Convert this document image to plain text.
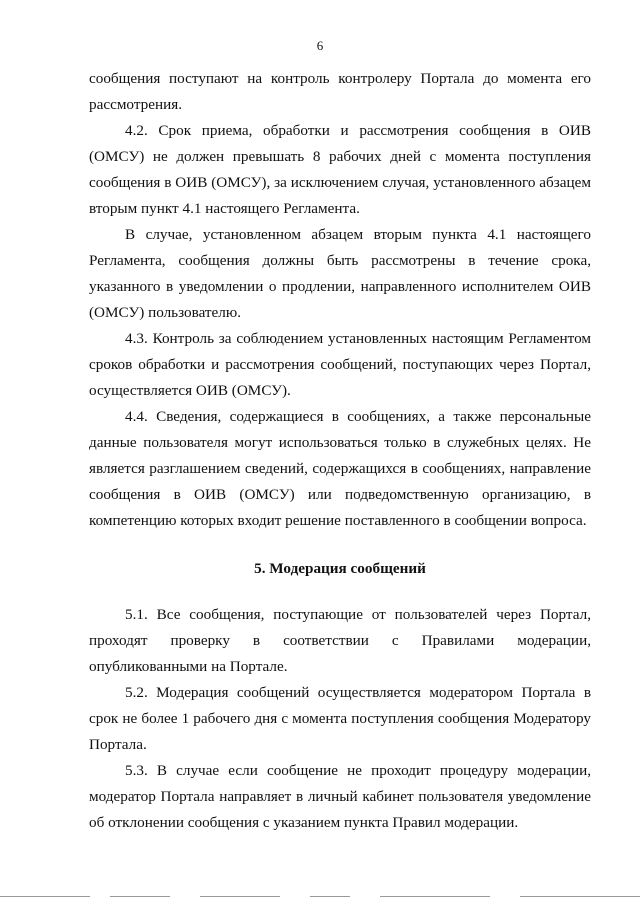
6

сообщения поступают на контроль контролеру Портала до момента его рассмотрения.

4.2. Срок приема, обработки и рассмотрения сообщения в ОИВ (ОМСУ) не должен превышать 8 рабочих дней с момента поступления сообщения в ОИВ (ОМСУ), за исключением случая, установленного абзацем вторым пункт 4.1 настоящего Регламента.

В случае, установленном абзацем вторым пункта 4.1 настоящего Регламента, сообщения должны быть рассмотрены в течение срока, указанного в уведомлении о продлении, направленного исполнителем ОИВ (ОМСУ) пользователю.

4.3. Контроль за соблюдением установленных настоящим Регламентом сроков обработки и рассмотрения сообщений, поступающих через Портал, осуществляется ОИВ (ОМСУ).

4.4. Сведения, содержащиеся в сообщениях, а также персональные данные пользователя могут использоваться только в служебных целях. Не является разглашением сведений, содержащихся в сообщениях, направление сообщения в ОИВ (ОМСУ) или подведомственную организацию, в компетенцию которых входит решение поставленного в сообщении вопроса.

5. Модерация сообщений

5.1. Все сообщения, поступающие от пользователей через Портал, проходят проверку в соответствии с Правилами модерации, опубликованными на Портале.

5.2. Модерация сообщений осуществляется модератором Портала в срок не более 1 рабочего дня с момента поступления сообщения Модератору Портала.

5.3. В случае если сообщение не проходит процедуру модерации, модератор Портала направляет в личный кабинет пользователя уведомление об отклонении сообщения с указанием пункта Правил модерации.
